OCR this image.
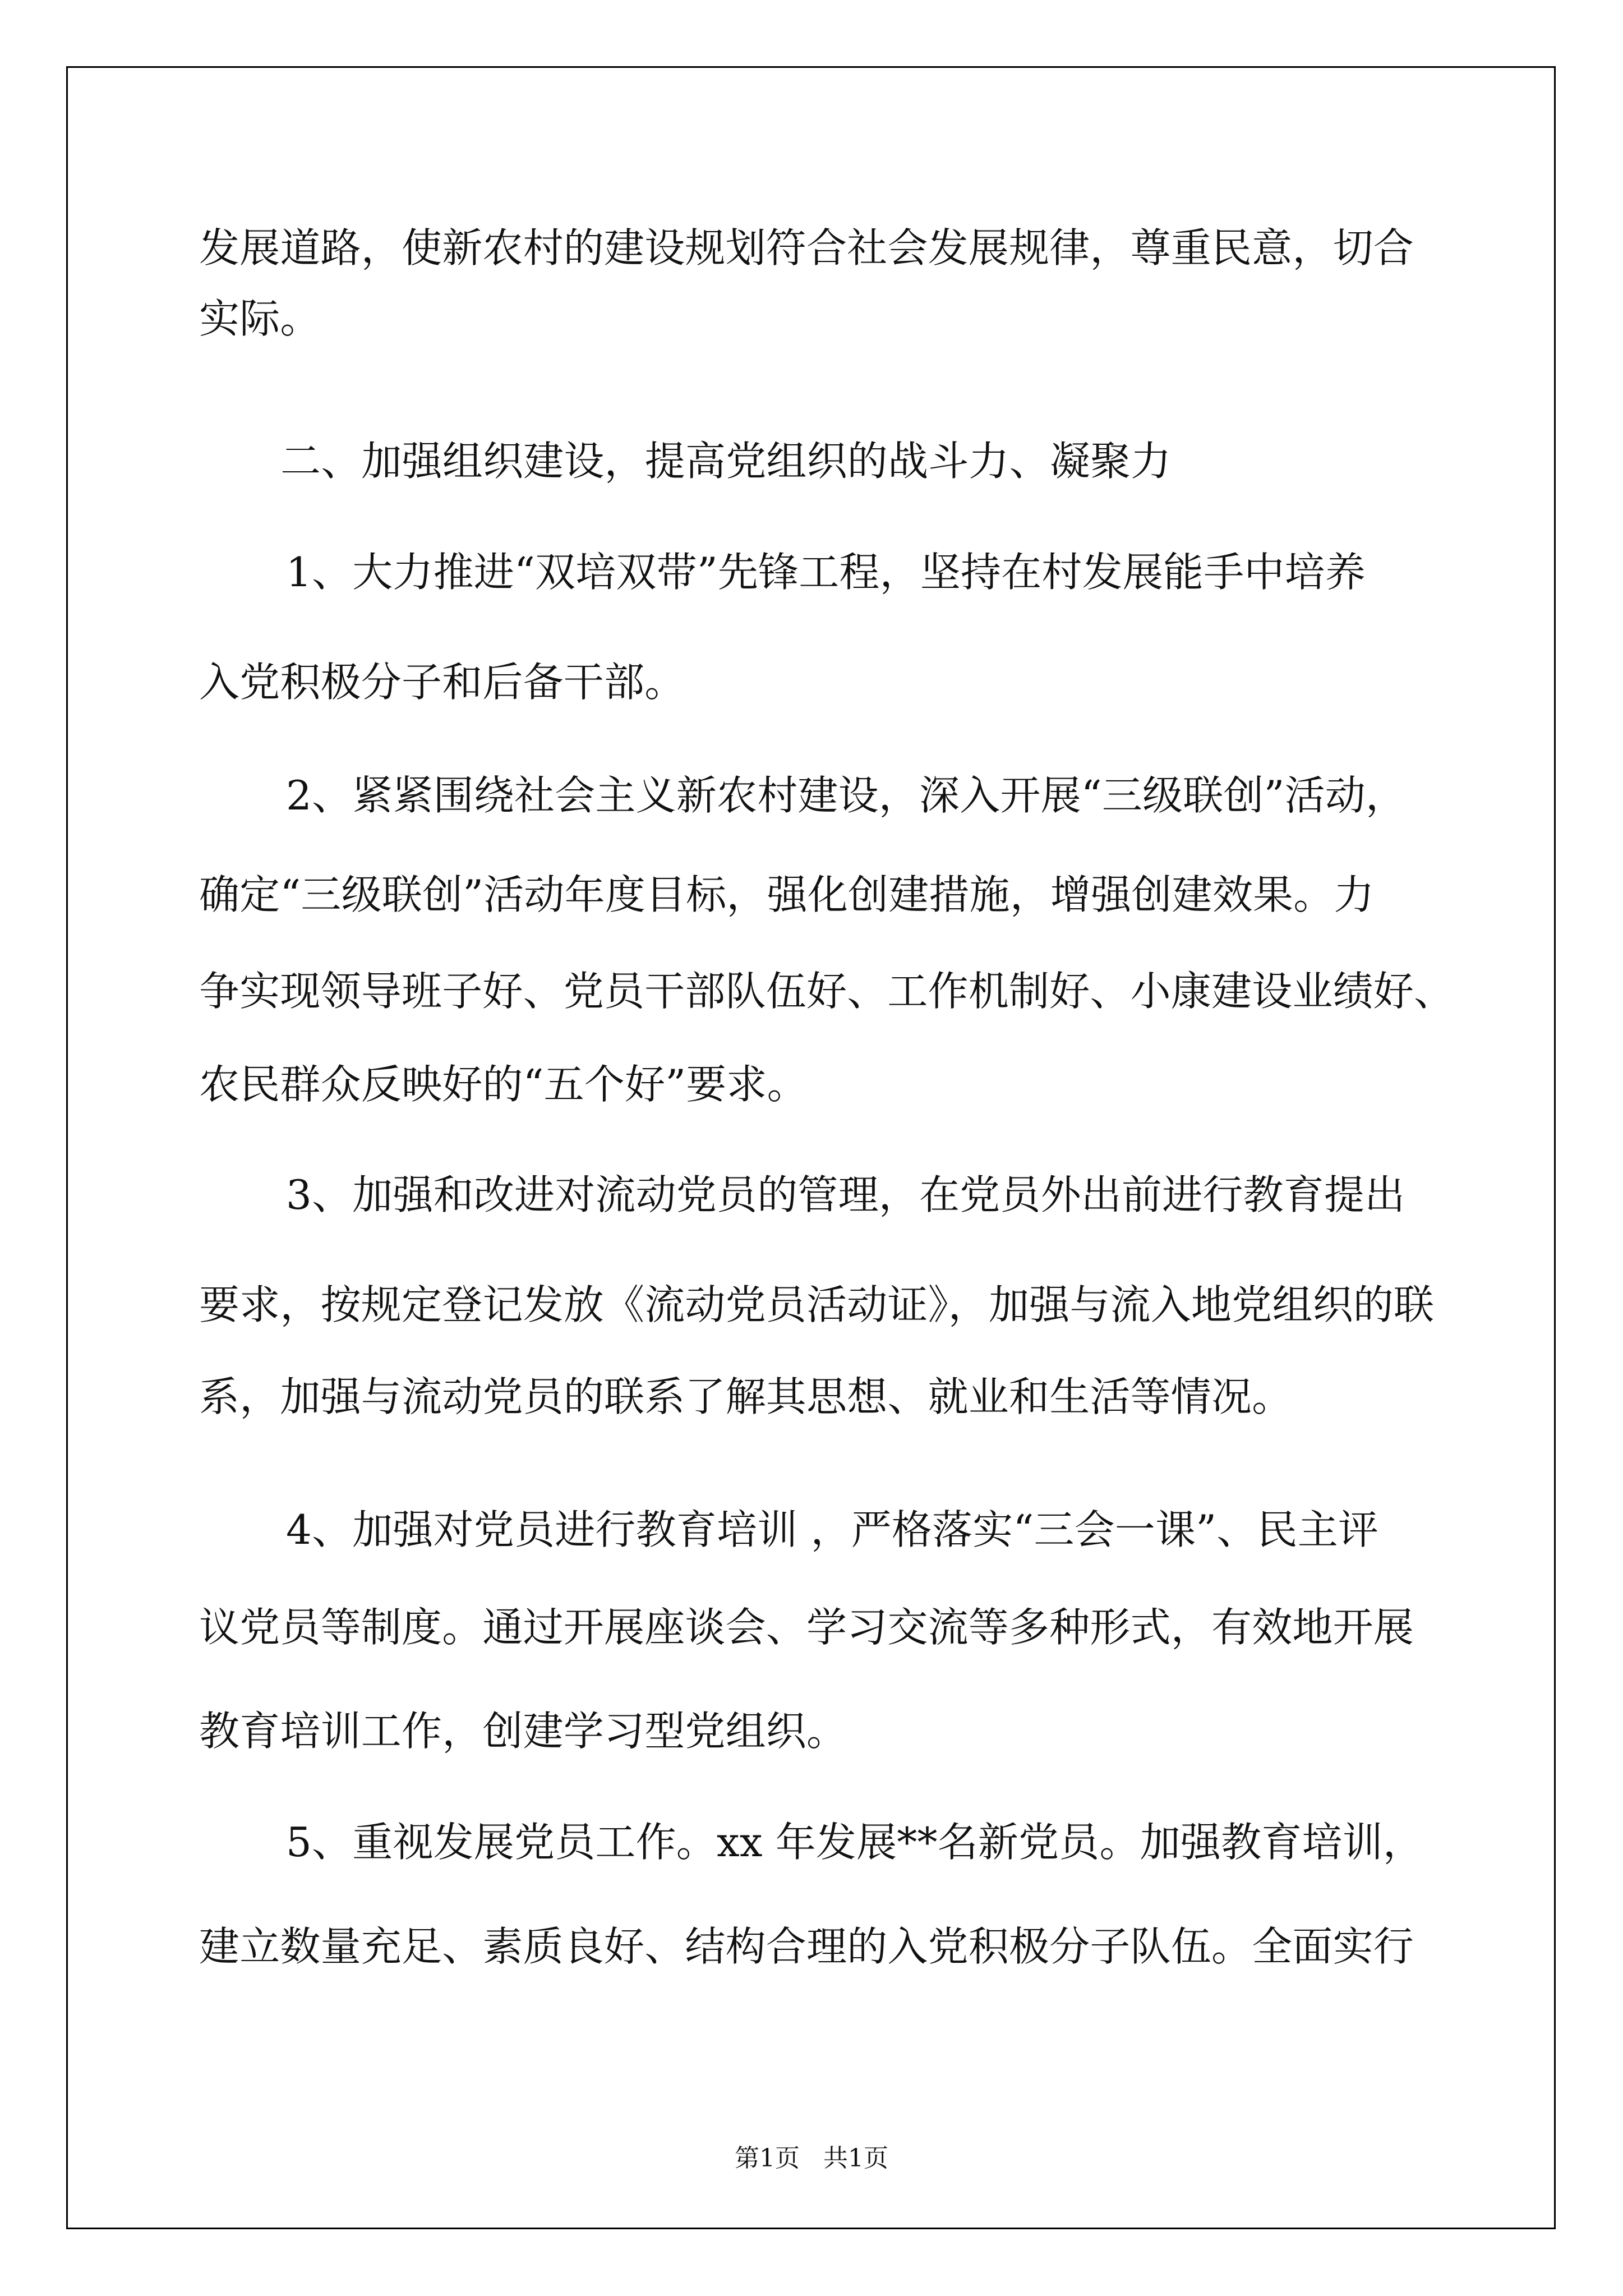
发展道路，使新农村的建设规划符合社会发展规律，尊重民意，切合

实际。

二、加强组织建设，提高党组织的战斗力、凝聚力

1、大力推进“双培双带”先锋工程，坚持在村发展能手中培养

入党积极分子和后备干部。

2、紧紧围绕社会主义新农村建设，深入开展“三级联创”活动，

确定“三级联创”活动年度目标，强化创建措施，增强创建效果。力

争实现领导班子好、党员干部队伍好、工作机制好、小康建设业绩好、

农民群众反映好的“五个好”要求。

3、加强和改进对流动党员的管理，在党员外出前进行教育提出

要求，按规定登记发放《流动党员活动证》，加强与流入地党组织的联

系，加强与流动党员的联系了解其思想、就业和生活等情况。

4、加强对党员进行教育培训 ，严格落实“三会一课”、民主评

议党员等制度。通过开展座谈会、学习交流等多种形式，有效地开展

教育培训工作，创建学习型党组织。

5、重视发展党员工作。xx 年发展**名新党员。加强教育培训，

建立数量充足、素质良好、结构合理的入党积极分子队伍。全面实行

第1页   共1页
